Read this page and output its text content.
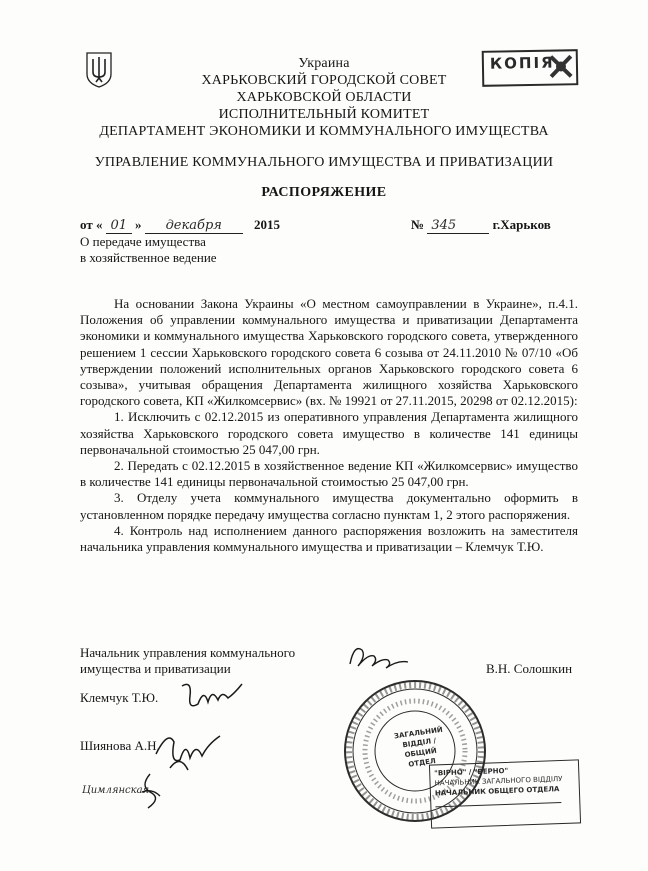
Украина
ХАРЬКОВСКИЙ ГОРОДСКОЙ СОВЕТ
ХАРЬКОВСКОЙ ОБЛАСТИ
ИСПОЛНИТЕЛЬНЫЙ КОМИТЕТ
ДЕПАРТАМЕНТ ЭКОНОМИКИ И КОММУНАЛЬНОГО ИМУЩЕСТВА
УПРАВЛЕНИЕ КОММУНАЛЬНОГО ИМУЩЕСТВА И ПРИВАТИЗАЦИИ
РАСПОРЯЖЕНИЕ
КОПІЯ
от « 01 » декабря 2015	№ 345	г.Харьков
О передаче имущества
в хозяйственное ведение

На основании Закона Украины «О местном самоуправлении в Украине», п.4.1. Положения об управлении коммунального имущества и приватизации Департамента экономики и коммунального имущества Харьковского городского совета, утвержденного решением 1 сессии Харьковского городского совета 6 созыва от 24.11.2010 № 07/10 «Об утверждении положений исполнительных органов Харьковского городского совета 6 созыва», учитывая обращения Департамента жилищного хозяйства Харьковского городского совета, КП «Жилкомсервис» (вх. № 19921 от 27.11.2015, 20298 от 02.12.2015):

1. Исключить с 02.12.2015 из оперативного управления Департамента жилищного хозяйства Харьковского городского совета имущество в количестве 141 единицы первоначальной стоимостью 25 047,00 грн.

2. Передать с 02.12.2015 в хозяйственное ведение КП «Жилкомсервис» имущество в количестве 141 единицы первоначальной стоимостью 25 047,00 грн.

3. Отделу учета коммунального имущества документально оформить в установленном порядке передачу имущества согласно пунктам 1, 2 этого распоряжения.

4. Контроль над исполнением данного распоряжения возложить на заместителя начальника управления коммунального имущества и приватизации – Клемчук Т.Ю.

Начальник управления коммунального
имущества и приватизации	В.Н. Солошкин
Клемчук Т.Ю.
Шиянова А.Н.
Цимлянская
ЗАГАЛЬНИЙ
ВІДДІЛ /
ОБЩИЙ ОТДЕЛ
"ВІРНО" / "ВЕРНО"
НАЧАЛЬНИК ЗАГАЛЬНОГО ВІДДІЛУ
НАЧАЛЬНИК ОБЩЕГО ОТДЕЛА
